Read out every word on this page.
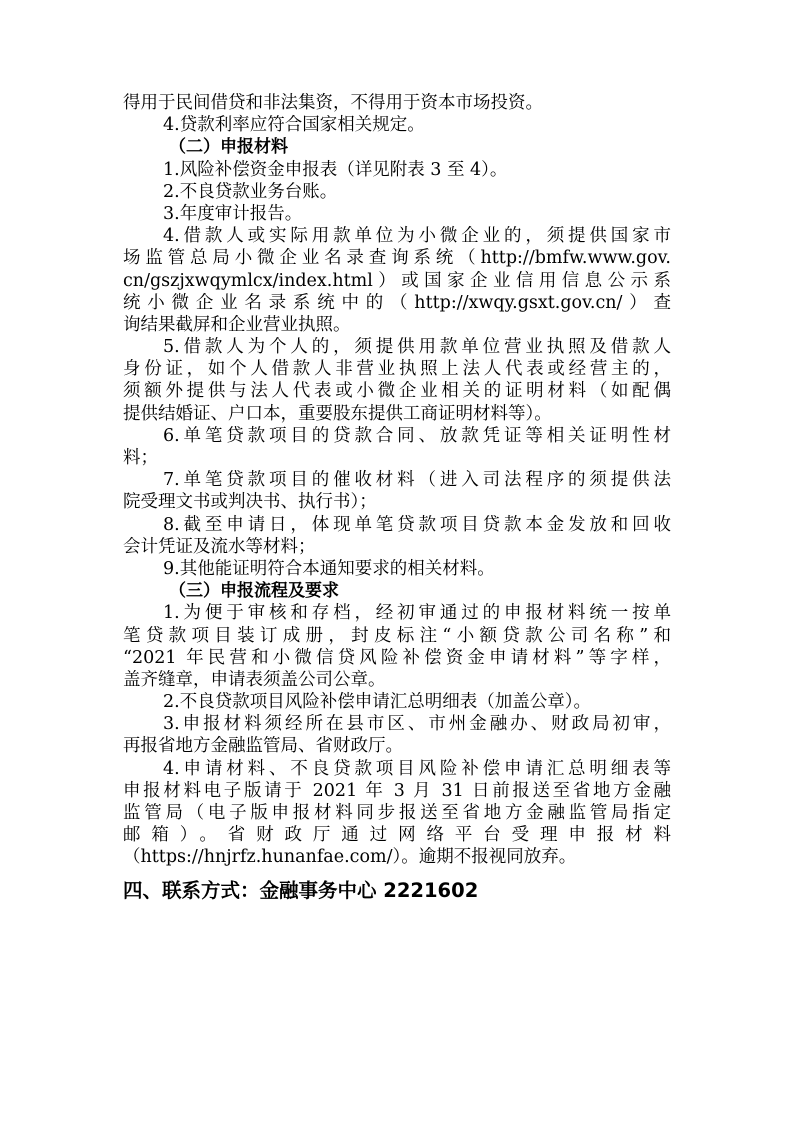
得用于民间借贷和非法集资，不得用于资本市场投资。
4.贷款利率应符合国家相关规定。
（二）申报材料
1.风险补偿资金申报表（详见附表 3 至 4）。
2.不良贷款业务台账。
3.年度审计报告。
4.借款人或实际用款单位为小微企业的，须提供国家市
场监管总局小微企业名录查询系统（http://bmfw.www.gov.
cn/gszjxwqymlcx/index.html）或国家企业信用信息公示系
统小微企业名录系统中的（http://xwqy.gsxt.gov.cn/）查
询结果截屏和企业营业执照。
5.借款人为个人的，须提供用款单位营业执照及借款人
身份证，如个人借款人非营业执照上法人代表或经营主的，
须额外提供与法人代表或小微企业相关的证明材料（如配偶
提供结婚证、户口本，重要股东提供工商证明材料等）。
6.单笔贷款项目的贷款合同、放款凭证等相关证明性材
料；
7.单笔贷款项目的催收材料（进入司法程序的须提供法
院受理文书或判决书、执行书）；
8.截至申请日，体现单笔贷款项目贷款本金发放和回收
会计凭证及流水等材料；
9.其他能证明符合本通知要求的相关材料。
（三）申报流程及要求
1.为便于审核和存档，经初审通过的申报材料统一按单
笔贷款项目装订成册，封皮标注“小额贷款公司名称”和
“2021 年民营和小微信贷风险补偿资金申请材料”等字样，
盖齐缝章，申请表须盖公司公章。
2.不良贷款项目风险补偿申请汇总明细表（加盖公章）。
3.申报材料须经所在县市区、市州金融办、财政局初审，
再报省地方金融监管局、省财政厅。
4.申请材料、不良贷款项目风险补偿申请汇总明细表等
申报材料电子版请于 2021 年 3 月 31 日前报送至省地方金融
监管局（电子版申报材料同步报送至省地方金融监管局指定
邮箱）。省财政厅通过网络平台受理申报材料
（https://hnjrfz.hunanfae.com/）。逾期不报视同放弃。
四、联系方式：金融事务中心 2221602
